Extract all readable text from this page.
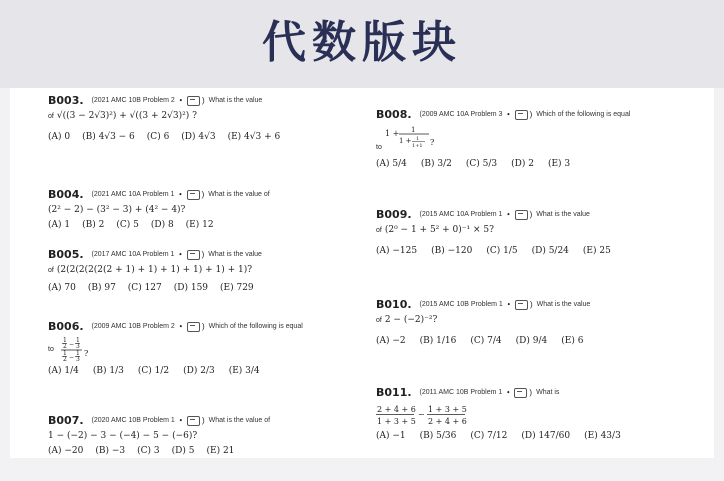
代数版块
B003. (2021 AMC 10B Problem 2 • ) What is the value
of √((3 − 2√3)²) + √((3 + 2√3)²) ?
(A) 0 (B) 4√3 − 6 (C) 6 (D) 4√3 (E) 4√3 + 6
B004. (2021 AMC 10A Problem 1 • ) What is the value of
(2² − 2) − (3² − 3) + (4² − 4)?
(A) 1 (B) 2 (C) 5 (D) 8 (E) 12
B005. (2017 AMC 10A Problem 1 • ) What is the value
of (2(2(2(2(2(2 + 1) + 1) + 1) + 1) + 1) + 1)?
(A) 70 (B) 97 (C) 127 (D) 159 (E) 729
B006. (2009 AMC 10B Problem 2 • ) Which of the following is equal
to
1
2 −
1
3
1
2 −
1
3
?
(A) 1/4 (B) 1/3 (C) 1/2 (D) 2/3 (E) 3/4
B007. (2020 AMC 10B Problem 1 • ) What is the value of
1 − (−2) − 3 − (−4) − 5 − (−6)?
(A) −20 (B) −3 (C) 3 (D) 5 (E) 21
B008. (2009 AMC 10A Problem 3 • ) Which of the following is equal
to
1 + 1
1 + 1
1+1 ?
(A) 5/4 (B) 3/2 (C) 5/3 (D) 2 (E) 3
B009. (2015 AMC 10A Problem 1 • ) What is the value
of (2⁰ − 1 + 5² + 0)⁻¹ × 5?
(A) −125 (B) −120 (C) 1/5 (D) 5/24 (E) 25
B010. (2015 AMC 10B Problem 1 • ) What is the value
of 2 − (−2)⁻²?
(A) −2 (B) 1/16 (C) 7/4 (D) 9/4 (E) 6
B011. (2011 AMC 10B Problem 1 • ) What is
2 + 4 + 6
1 + 3 + 5
−
1 + 3 + 5
2 + 4 + 6
(A) −1 (B) 5/36 (C) 7/12 (D) 147/60 (E) 43/3
